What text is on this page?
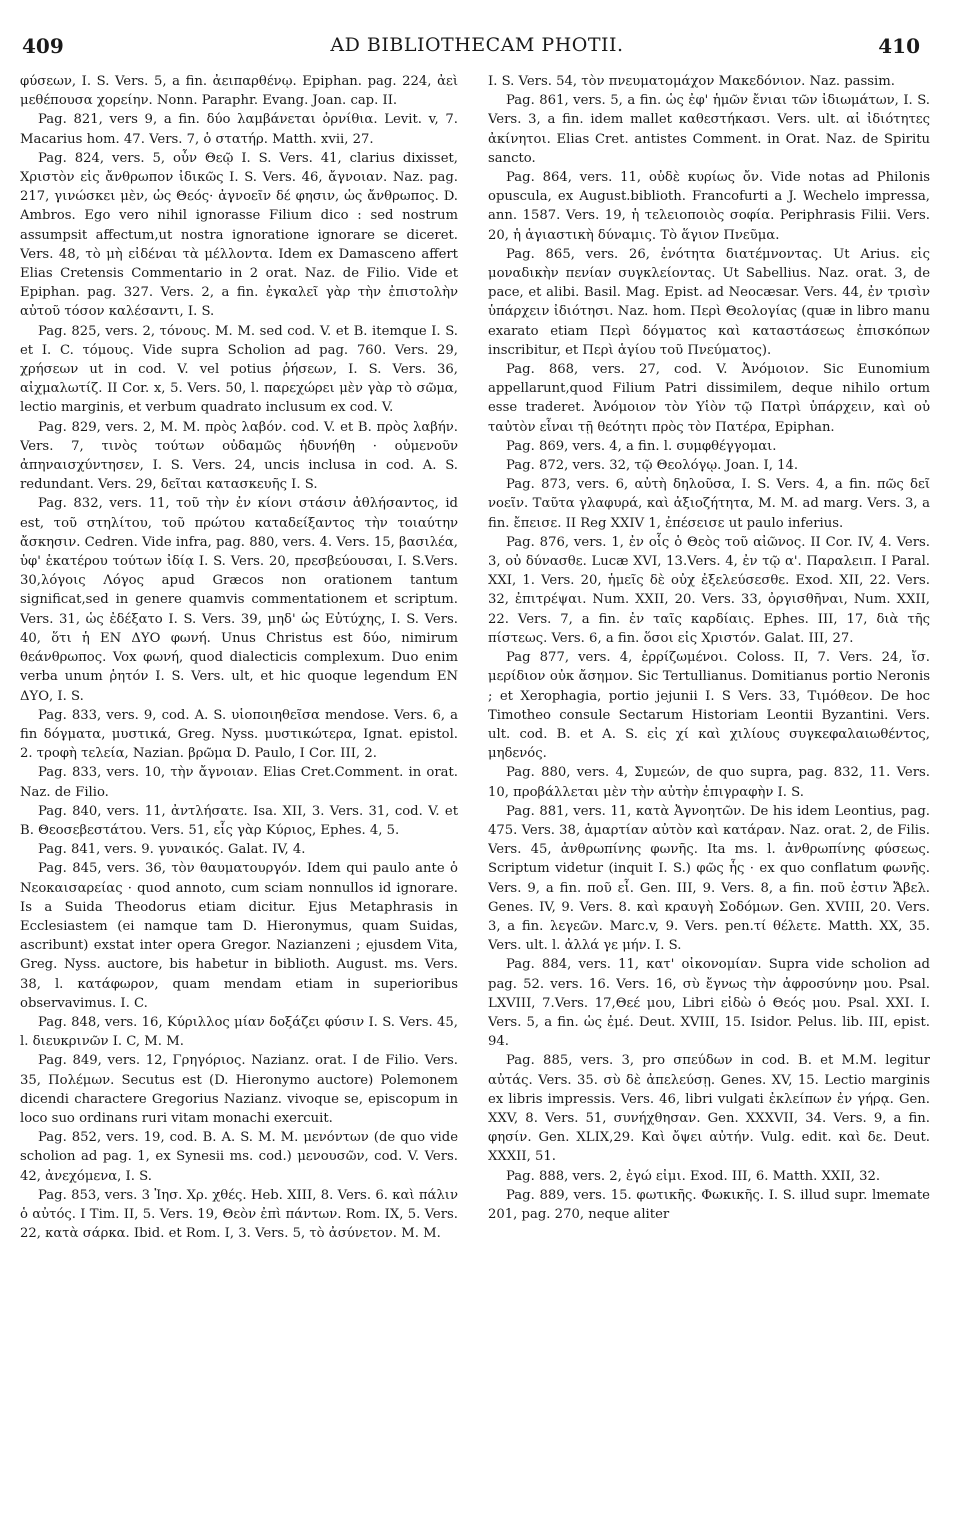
409	AD BIBLIOTHECAM PHOTII.	410

φύσεων, I. S. Vers. 5, a fin. ἀειπαρθένῳ. Epiphan. pag. 224, ἀεὶ μεθέπουσα χορείην. Nonn. Paraphr. Evang. Joan. cap. II.

Pag. 821, vers 9, a fin. δύο λαμβάνεται ὀρνίθια. Levit. v, 7. Macarius hom. 47. Vers. 7, ὁ στατήρ. Matth. xvii, 27.

Pag. 824, vers. 5, οὖν Θεῷ I. S. Vers. 41, clarius dixisset, Χριστὸν εἰς ἄνθρωπον ἰδικῶς I. S. Vers. 46, ἄγνοιαν. Naz. pag. 217, γινώσκει μὲν, ὡς Θεός· ἀγνοεῖν δέ φησιν, ὡς ἄνθρωπος. D. Ambros. Ego vero nihil ignorasse Filium dico : sed nostrum assumpsit affectum,ut nostra ignoratione ignorare se diceret. Vers. 48, τὸ μὴ εἰδέναι τὰ μέλλοντα. Idem ex Damasceno affert Elias Cretensis Commentario in 2 orat. Naz. de Filio. Vide et Epiphan. pag. 327. Vers. 2, a fin. ἐγκαλεῖ γὰρ τὴν ἐπιστολὴν αὐτοῦ τόσον καλέσαντι, I. S.

Pag. 825, vers. 2, τόνους. M. M. sed cod. V. et B. itemque I. S. et I. C. τόμους. Vide supra Scholion ad pag. 760. Vers. 29, χρήσεων ut in cod. V. vel potius ῥήσεων, I. S. Vers. 36, αἰχμαλωτίζ. II Cor. x, 5. Vers. 50, l. παρεχώρει μὲν γὰρ τὸ σῶμα, lectio marginis, et verbum quadrato inclusum ex cod. V.

Pag. 829, vers. 2, M. M. πρὸς λαβόν. cod. V. et B. πρὸς λαβήν. Vers. 7, τινὸς τούτων οὐδαμῶς ἡδυνήθη · οὐμενοῦν ἀπηναισχύντησεν, I. S. Vers. 24, uncis inclusa in cod. A. S. redundant. Vers. 29, δεῖται κατασκευῆς I. S.

Pag. 832, vers. 11, τοῦ τὴν ἐν κίονι στάσιν ἀθλήσαντος, id est, τοῦ στηλίτου, τοῦ πρώτου καταδείξαντος τὴν τοιαύτην ἄσκησιν. Cedren. Vide infra, pag. 880, vers. 4. Vers. 15, βασιλέα, ὑφ' ἑκατέρου τούτων ἰδίᾳ I. S. Vers. 20, πρεσβεύουσαι, I. S.Vers. 30,λόγοις Λόγος apud Græcos non orationem tantum significat,sed in genere quamvis commentationem et scriptum. Vers. 31, ὡς ἐδέξατο I. S. Vers. 39, μηδ' ὡς Εὐτύχης, I. S. Vers. 40, ὅτι ἡ ΕΝ ΔΥΟ φωνή. Unus Christus est δύο, nimirum θεάνθρωπος. Vox φωνή, quod dialecticis complexum. Duo enim verba unum ῥητόν I. S. Vers. ult, et hic quoque legendum ΕΝ ΔΥΟ, I. S.

Pag. 833, vers. 9, cod. A. S. υἱοποιηθεῖσα mendose. Vers. 6, a fin δόγματα, μυστικά, Greg. Nyss. μυστικώτερα, Ignat. epistol. 2. τροφὴ τελεία, Nazian. βρῶμα D. Paulo, I Cor. III, 2.

Pag. 833, vers. 10, τὴν ἄγνοιαν. Elias Cret.Comment. in orat. Naz. de Filio.

Pag. 840, vers. 11, ἀντλήσατε. Isa. XII, 3. Vers. 31, cod. V. et B. Θεοσεβεστάτου. Vers. 51, εἷς γὰρ Κύριος, Ephes. 4, 5.

Pag. 841, vers. 9. γυναικός. Galat. IV, 4.

Pag. 845, vers. 36, τὸν θαυματουργόν. Idem qui paulo ante ὁ Νεοκαισαρείας · quod annoto, cum sciam nonnullos id ignorare. Is a Suida Theodorus etiam dicitur. Ejus Metaphrasis in Ecclesiastem (ei namque tam D. Hieronymus, quam Suidas, ascribunt) exstat inter opera Gregor. Nazianzeni ; ejusdem Vita, Greg. Nyss. auctore, bis habetur in biblioth. August. ms. Vers. 38, l. κατάφωρον, quam mendam etiam in superioribus observavimus. I. C.

Pag. 848, vers. 16, Κύριλλος μίαν δοξάζει φύσιν I. S. Vers. 45, l. διευκρινῶν I. C, M. M.

Pag. 849, vers. 12, Γρηγόριος. Nazianz. orat. I de Filio. Vers. 35, Πολέμων. Secutus est (D. Hieronymo auctore) Polemonem dicendi charactere Gregorius Nazianz. vivoque se, episcopum in loco suo ordinans ruri vitam monachi exercuit.

Pag. 852, vers. 19, cod. B. A. S. M. M. μενόντων (de quo vide scholion ad pag. 1, ex Synesii ms. cod.) μενουσῶν, cod. V. Vers. 42, ἀνεχόμενα, I. S.

Pag. 853, vers. 3 Ἰησ. Χρ. χθές. Heb. XIII, 8. Vers. 6. καὶ πάλιν ὁ αὐτός. I Tim. II, 5. Vers. 19, Θεὸν ἐπὶ πάντων. Rom. IX, 5. Vers. 22, κατὰ σάρκα. Ibid. et Rom. I, 3. Vers. 5, τὸ ἀσύνετον. M. M.

I. S. Vers. 54, τὸν πνευματομάχον Μακεδόνιον. Naz. passim.

Pag. 861, vers. 5, a fin. ὡς ἐφ' ἡμῶν ἔνιαι τῶν ἰδιωμάτων, I. S. Vers. 3, a fin. idem mallet καθεστήκασι. Vers. ult. αἱ ἰδιότητες ἀκίνητοι. Elias Cret. antistes Comment. in Orat. Naz. de Spiritu sancto.

Pag. 864, vers. 11, οὐδὲ κυρίως ὄν. Vide notas ad Philonis opuscula, ex August.biblioth. Francofurti a J. Wechelo impressa, ann. 1587. Vers. 19, ἡ τελειοποιὸς σοφία. Periphrasis Filii. Vers. 20, ἡ ἁγιαστικὴ δύναμις. Τὸ ἅγιον Πνεῦμα.

Pag. 865, vers. 26, ἑνότητα διατέμνοντας. Ut Arius. εἰς μοναδικὴν πενίαν συγκλείοντας. Ut Sabellius. Naz. orat. 3, de pace, et alibi. Basil. Mag. Epist. ad Neocæsar. Vers. 44, ἐν τρισὶν ὑπάρχειν ἰδιότησι. Naz. hom. Περὶ Θεολογίας (quæ in libro manu exarato etiam Περὶ δόγματος καὶ καταστάσεως ἐπισκόπων inscribitur, et Περὶ ἁγίου τοῦ Πνεύματος).

Pag. 868, vers. 27, cod. V. Ἀνόμοιον. Sic Eunomium appellarunt,quod Filium Patri dissimilem, deque nihilo ortum esse traderet. Ἀνόμοιον τὸν Υἱὸν τῷ Πατρὶ ὑπάρχειν, καὶ οὐ ταὐτὸν εἶναι τῇ θεότητι πρὸς τὸν Πατέρα, Epiphan.

Pag. 869, vers. 4, a fin. l. συμφθέγγομαι.

Pag. 872, vers. 32, τῷ Θεολόγῳ. Joan. I, 14.

Pag. 873, vers. 6, αὐτὴ δηλοῦσα, I. S. Vers. 4, a fin. πῶς δεῖ νοεῖν. Ταῦτα γλαφυρά, καὶ ἀξιοζήτητα, M. M. ad marg. Vers. 3, a fin. ἔπεισε. II Reg XXIV 1, ἐπέσεισε ut paulo inferius.

Pag. 876, vers. 1, ἐν οἷς ὁ Θεὸς τοῦ αἰῶνος. II Cor. IV, 4. Vers. 3, οὐ δύνασθε. Lucæ XVI, 13.Vers. 4, ἐν τῷ α'. Παραλειπ. I Paral. XXI, 1. Vers. 20, ἡμεῖς δὲ οὐχ ἐξελεύσεσθε. Exod. XII, 22. Vers. 32, ἐπιτρέψαι. Num. XXII, 20. Vers. 33, ὀργισθῆναι, Num. XXII, 22. Vers. 7, a fin. ἐν ταῖς καρδίαις. Ephes. III, 17, διὰ τῆς πίστεως. Vers. 6, a fin. ὅσοι εἰς Χριστόν. Galat. III, 27.

Pag 877, vers. 4, ἐρρίζωμένοι. Coloss. II, 7. Vers. 24, ἴσ. μερίδιον οὐκ ἄσημον. Sic Tertullianus. Domitianus portio Neronis ; et Xerophagia, portio jejunii I. S Vers. 33, Τιμόθεον. De hoc Timotheo consule Sectarum Historiam Leontii Byzantini. Vers. ult. cod. B. et A. S. εἰς χί καὶ χιλίους συγκεφαλαιωθέντος, μηδενός.

Pag. 880, vers. 4, Συμεών, de quo supra, pag. 832, 11. Vers. 10, προβάλλεται μὲν τὴν αὐτὴν ἐπιγραφὴν I. S.

Pag. 881, vers. 11, κατὰ Ἀγνοητῶν. De his idem Leontius, pag. 475. Vers. 38, ἁμαρτίαν αὐτὸν καὶ κατάραν. Naz. orat. 2, de Filis. Vers. 45, ἀνθρωπίνης φωνῆς. Ita ms. l. ἀνθρωπίνης φύσεως. Scriptum videtur (inquit I. S.) φῶς ἧς · ex quo conflatum φωνῆς. Vers. 9, a fin. ποῦ εἶ. Gen. III, 9. Vers. 8, a fin. ποῦ ἐστιν Ἄβελ. Genes. IV, 9. Vers. 8. καὶ κραυγὴ Σοδόμων. Gen. XVIII, 20. Vers. 3, a fin. λεγεῶν. Marc.v, 9. Vers. pen.τί θέλετε. Matth. XX, 35. Vers. ult. l. ἀλλά γε μήν. I. S.

Pag. 884, vers. 11, κατ' οἰκονομίαν. Supra vide scholion ad pag. 52. vers. 16. Vers. 16, σὺ ἔγνως τὴν ἀφροσύνην μου. Psal. LXVIII, 7.Vers. 17,Θεέ μου, Libri εἰδὼ ὁ Θεός μου. Psal. XXI. I. Vers. 5, a fin. ὡς ἐμέ. Deut. XVIII, 15. Isidor. Pelus. lib. III, epist. 94.

Pag. 885, vers. 3, pro σπεύδων in cod. B. et M.M. legitur αὐτάς. Vers. 35. σὺ δὲ ἀπελεύσῃ. Genes. XV, 15. Lectio marginis ex libris impressis. Vers. 46, libri vulgati ἐκλείπων ἐν γήρᾳ. Gen. XXV, 8. Vers. 51, συνήχθησαν. Gen. XXXVII, 34. Vers. 9, a fin. φησίν. Gen. XLIX,29. Καὶ ὄψει αὐτήν. Vulg. edit. καὶ δε. Deut. XXXII, 51.

Pag. 888, vers. 2, ἐγώ εἰμι. Exod. III, 6. Matth. XXII, 32.

Pag. 889, vers. 15. φωτικῆς. Φωκικῆς. I. S. illud supr. lmemate 201, pag. 270, neque aliter
